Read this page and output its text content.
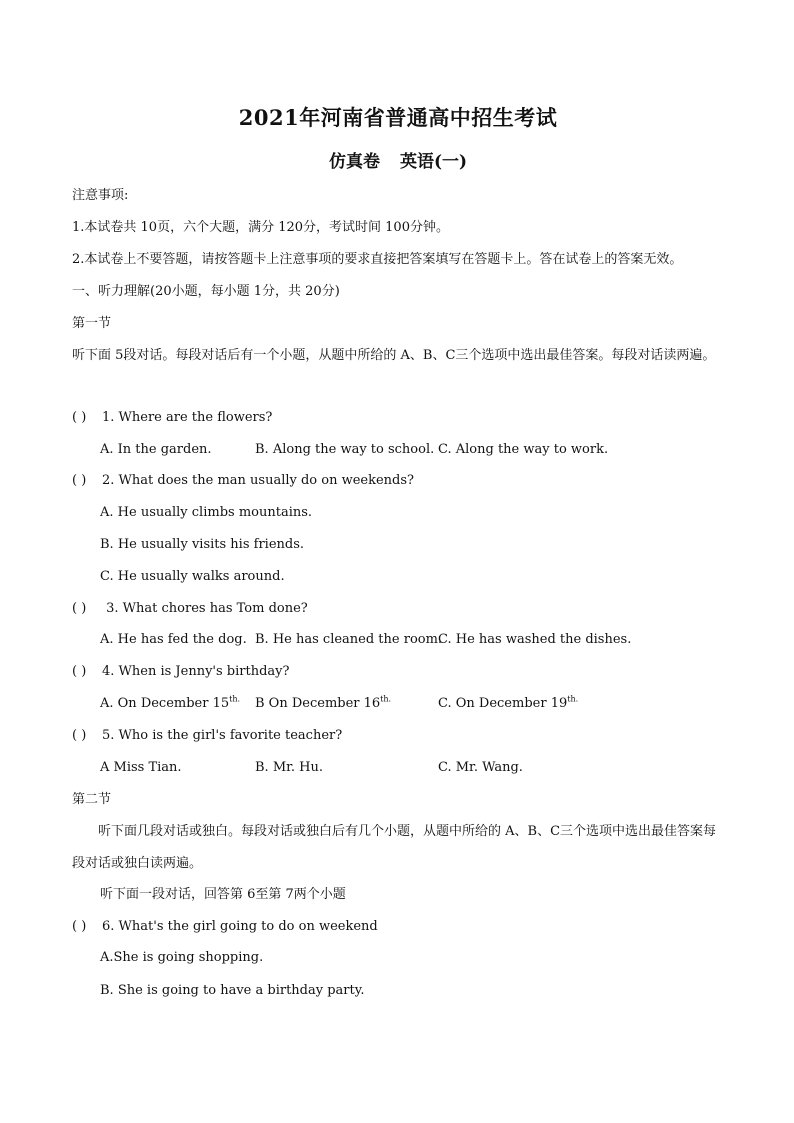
2021年河南省普通高中招生考试
仿真卷 英语(一)
注意事项:
1.本试卷共 10页，六个大题，满分 120分，考试时间 100分钟。
2.本试卷上不要答题，请按答题卡上注意事项的要求直接把答案填写在答题卡上。答在试卷上的答案无效。
一、听力理解(20小题，每小题 1分，共 20分)
第一节
听下面 5段对话。每段对话后有一个小题，从题中所给的 A、B、C三个选项中选出最佳答案。每段对话读两遍。
( ) 1. Where are the flowers?
A. In the garden.	B. Along the way to school. C. Along the way to work.
( ) 2. What does the man usually do on weekends?
A. He usually climbs mountains.
B. He usually visits his friends.
C. He usually walks around.
( ) 3. What chores has Tom done?
A. He has fed the dog. B. He has cleaned the room.
C. He has washed the dishes.
( ) 4. When is Jenny's birthday?
A. On December $15^{th.}$ B On December $16^{th.}$	C. On December $19^{th.}$
( ) 5. Who is the girl's favorite teacher?
A Miss Tian.	B. Mr. Hu.	C. Mr. Wang.
第二节
听下面几段对话或独白。每段对话或独白后有几个小题，从题中所给的 A、B、C三个选项中选出最佳答案每段对话或独白读两遍。
听下面一段对话，回答第 6至第 7两个小题
( ) 6. What's the girl going to do on weekend
A.She is going shopping.
B. She is going to have a birthday party.
